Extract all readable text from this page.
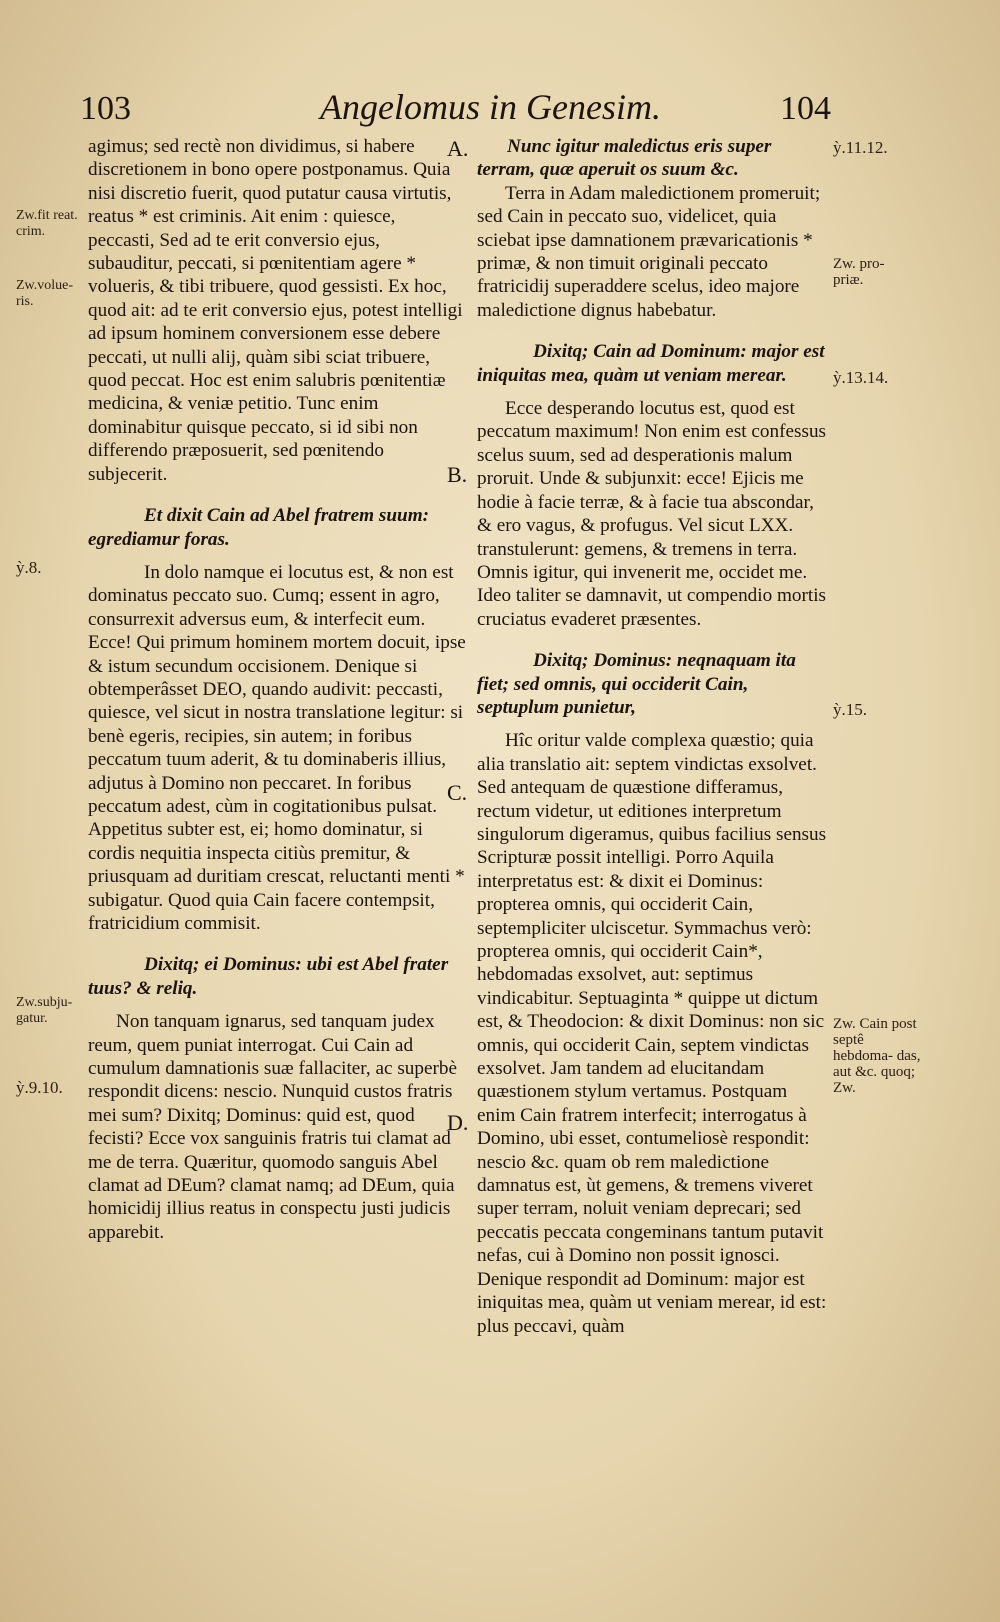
103	Angelomus in Genesim.	104

agimus; sed rectè non dividimus, si habere discretionem in bono opere postponamus. Quia nisi discretio fuerit, quod putatur causa virtutis, reatus * est criminis. Ait enim : quiesce, peccasti, Sed ad te erit conversio ejus, subauditur, peccati, si pœnitentiam agere * volueris, & tibi tribuere, quod gessisti. Ex hoc, quod ait: ad te erit conversio ejus, potest intelligi ad ipsum hominem conversionem esse debere peccati, ut nulli alij, quàm sibi sciat tribuere, quod peccat. Hoc est enim salubris pœnitentiæ medicina, & veniæ petitio. Tunc enim dominabitur quisque peccato, si id sibi non differendo præposuerit, sed pœnitendo subjecerit.

Et dixit Cain ad Abel fratrem suum: egrediamur foras.

In dolo namque ei locutus est, & non est dominatus peccato suo. Cumq; essent in agro, consurrexit adversus eum, & interfecit eum. Ecce! Qui primum hominem mortem docuit, ipse & istum secundum occisionem. Denique si obtemperâsset DEO, quando audivit: peccasti, quiesce, vel sicut in nostra translatione legitur: si benè egeris, recipies, sin autem; in foribus peccatum tuum aderit, & tu dominaberis illius, adjutus à Domino non peccaret. In foribus peccatum adest, cùm in cogitationibus pulsat. Appetitus subter est, ei; homo dominatur, si cordis nequitia inspecta citiùs premitur, & priusquam ad duritiam crescat, reluctanti menti * subigatur. Quod quia Cain facere contempsit, fratricidium commisit.

Dixitq; ei Dominus: ubi est Abel frater tuus? & reliq.

Non tanquam ignarus, sed tanquam judex reum, quem puniat interrogat. Cui Cain ad cumulum damnationis suæ fallaciter, ac superbè respondit dicens: nescio. Nunquid custos fratris mei sum? Dixitq; Dominus: quid est, quod fecisti? Ecce vox sanguinis fratris tui clamat ad me de terra. Quæritur, quomodo sanguis Abel clamat ad DEum? clamat namq; ad DEum, quia homicidij illius reatus in conspectu justi judicis apparebit.

Nunc igitur maledictus eris super terram, quæ aperuit os suum &c.

Terra in Adam maledictionem promeruit; sed Cain in peccato suo, videlicet, quia sciebat ipse damnationem prævaricationis * primæ, & non timuit originali peccato fratricidij superaddere scelus, ideo majore maledictione dignus habebatur.

Dixitq; Cain ad Dominum: major est iniquitas mea, quàm ut veniam merear.

Ecce desperando locutus est, quod est peccatum maximum! Non enim est confessus scelus suum, sed ad desperationis malum proruit. Unde & subjunxit: ecce! Ejicis me hodie à facie terræ, & à facie tua abscondar, & ero vagus, & profugus. Vel sicut LXX. transtulerunt: gemens, & tremens in terra. Omnis igitur, qui invenerit me, occidet me. Ideo taliter se damnavit, ut compendio mortis cruciatus evaderet præsentes.

Dixitq; Dominus: neqnaquam ita fiet; sed omnis, qui occiderit Cain, septuplum punietur,

Hîc oritur valde complexa quæstio; quia alia translatio ait: septem vindictas exsolvet. Sed antequam de quæstione differamus, rectum videtur, ut editiones interpretum singulorum digeramus, quibus facilius sensus Scripturæ possit intelligi. Porro Aquila interpretatus est: & dixit ei Dominus: propterea omnis, qui occiderit Cain, septempliciter ulciscetur. Symmachus verò: propterea omnis, qui occiderit Cain*, hebdomadas exsolvet, aut: septimus vindicabitur. Septuaginta * quippe ut dictum est, & Theodocion: & dixit Dominus: non sic omnis, qui occiderit Cain, septem vindictas exsolvet. Jam tandem ad elucitandam quæstionem stylum vertamus. Postquam enim Cain fratrem interfecit; interrogatus à Domino, ubi esset, contumeliosè respondit: nescio &c. quam ob rem maledictione damnatus est, ùt gemens, & tremens viveret super terram, noluit veniam deprecari; sed peccatis peccata congeminans tantum putavit nefas, cui à Domino non possit ignosci. Denique respondit ad Dominum: major est iniquitas mea, quàm ut veniam merear, id est: plus peccavi, quàm

Zw.fit reat. crim.
Zw.volue- ris.
ỳ.8.
Zw.subju- gatur.
ỳ.9.10.
ỳ.11.12.
Zw. pro- priæ.
ỳ.13.14.
ỳ.15.
Zw. Cain post septê hebdoma- das, aut &c. quoq; Zw.
A.
B.
C.
D.
